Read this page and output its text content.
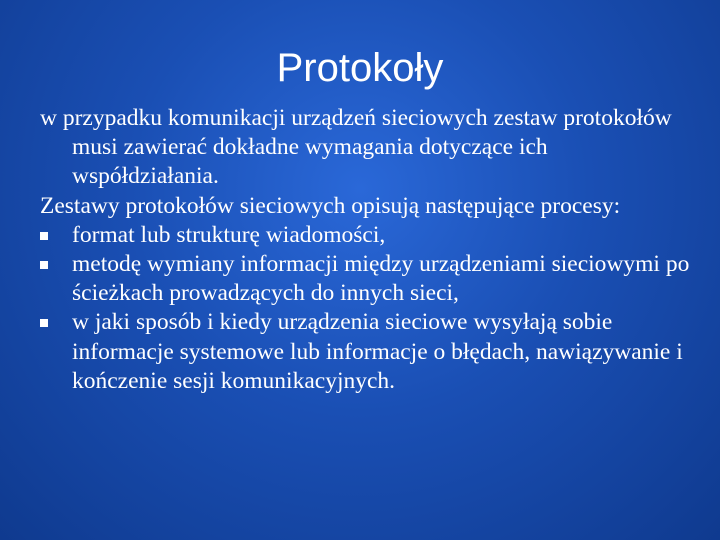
Protokoły

w przypadku komunikacji urządzeń sieciowych zestaw protokołów musi zawierać dokładne wymagania dotyczące ich współdziałania.

Zestawy protokołów sieciowych opisują następujące procesy:

format lub strukturę wiadomości,
metodę wymiany informacji między urządzeniami sieciowymi po ścieżkach prowadzących do innych sieci,
w jaki sposób i kiedy urządzenia sieciowe wysyłają sobie informacje systemowe lub informacje o błędach, nawiązywanie i kończenie sesji komunikacyjnych.
